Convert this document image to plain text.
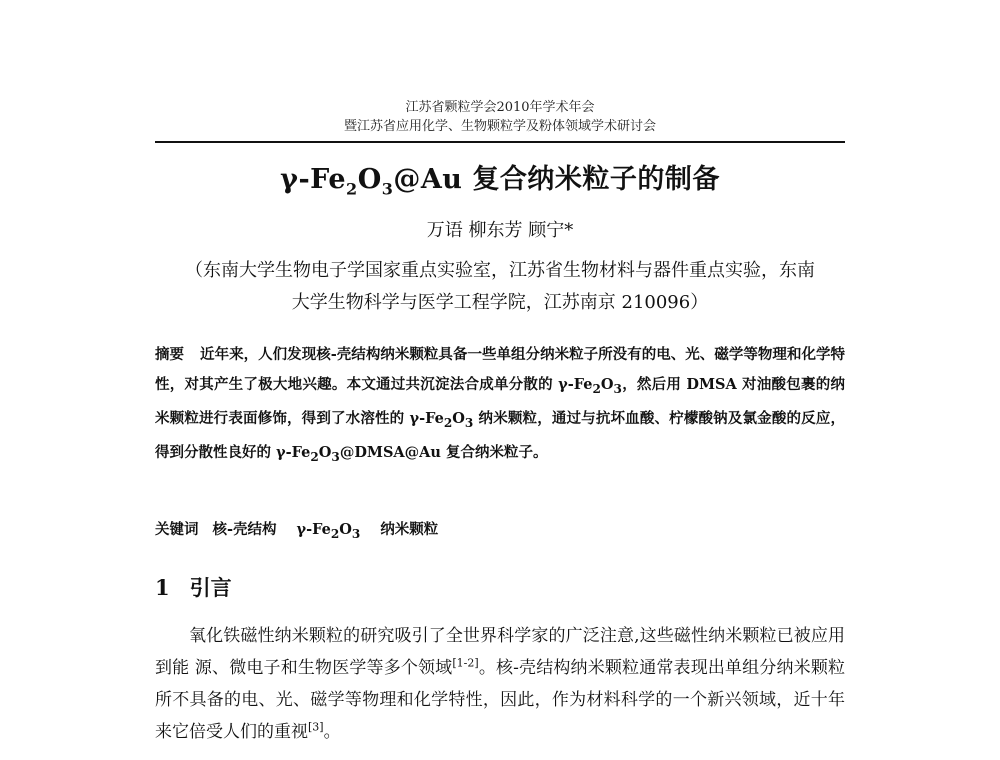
江苏省颗粒学会2010年学术年会
暨江苏省应用化学、生物颗粒学及粉体领域学术研讨会
$\gamma-Fe_2O_3@Au$ 复合纳米粒子的制备
万语 柳东芳 顾宁*
（东南大学生物电子学国家重点实验室，江苏省生物材料与器件重点实验，东南
大学生物科学与医学工程学院，江苏南京 210096）
摘要 近年来，人们发现核-壳结构纳米颗粒具备一些单组分纳米粒子所没有的电、光、磁学等物理和化学特性，对其产生了极大地兴趣。本文通过共沉淀法合成单分散的 $\gamma-Fe_2O_3$，然后用 DMSA 对油酸包裹的纳米颗粒进行表面修饰，得到了水溶性的 $\gamma-Fe_2O_3$ 纳米颗粒，通过与抗坏血酸、柠檬酸钠及氯金酸的反应，得到分散性良好的 $\gamma-Fe_2O_3@DMSA@Au$ 复合纳米粒子。
关键词 核-壳结构 $\gamma-Fe_2O_3$ 纳米颗粒
1 引言
氧化铁磁性纳米颗粒的研究吸引了全世界科学家的广泛注意,这些磁性纳米颗粒已被应用到能 源、微电子和生物医学等多个领域[1-2]。核-壳结构纳米颗粒通常表现出单组分纳米颗粒所不具备的电、光、磁学等物理和化学特性，因此，作为材料科学的一个新兴领域，近十年来它倍受人们的重视[3]。
